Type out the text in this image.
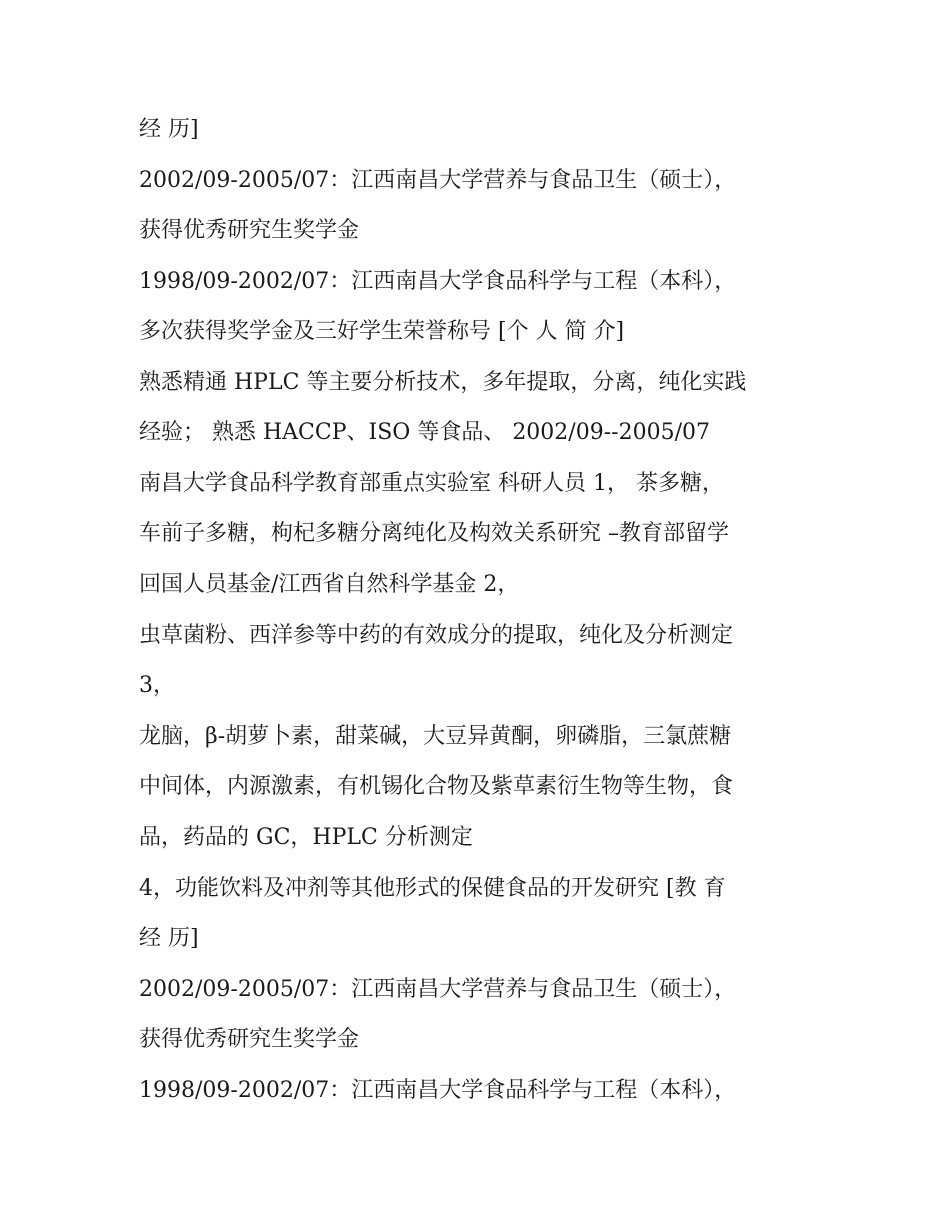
经 历]
2002/09-2005/07：江西南昌大学营养与食品卫生（硕士），
获得优秀研究生奖学金
1998/09-2002/07：江西南昌大学食品科学与工程（本科），
多次获得奖学金及三好学生荣誉称号 [个 人 简 介]
熟悉精通 HPLC 等主要分析技术，多年提取，分离，纯化实践
经验； 熟悉 HACCP、ISO 等食品、 2002/09--2005/07
南昌大学食品科学教育部重点实验室 科研人员 1， 茶多糖，
车前子多糖，枸杞多糖分离纯化及构效关系研究 –教育部留学
回国人员基金/江西省自然科学基金 2，
虫草菌粉、西洋参等中药的有效成分的提取，纯化及分析测定
3，
龙脑，β-胡萝卜素，甜菜碱，大豆异黄酮，卵磷脂，三氯蔗糖
中间体，内源激素，有机锡化合物及紫草素衍生物等生物，食
品，药品的 GC，HPLC 分析测定
4，功能饮料及冲剂等其他形式的保健食品的开发研究 [教 育
经 历]
2002/09-2005/07：江西南昌大学营养与食品卫生（硕士），
获得优秀研究生奖学金
1998/09-2002/07：江西南昌大学食品科学与工程（本科），
